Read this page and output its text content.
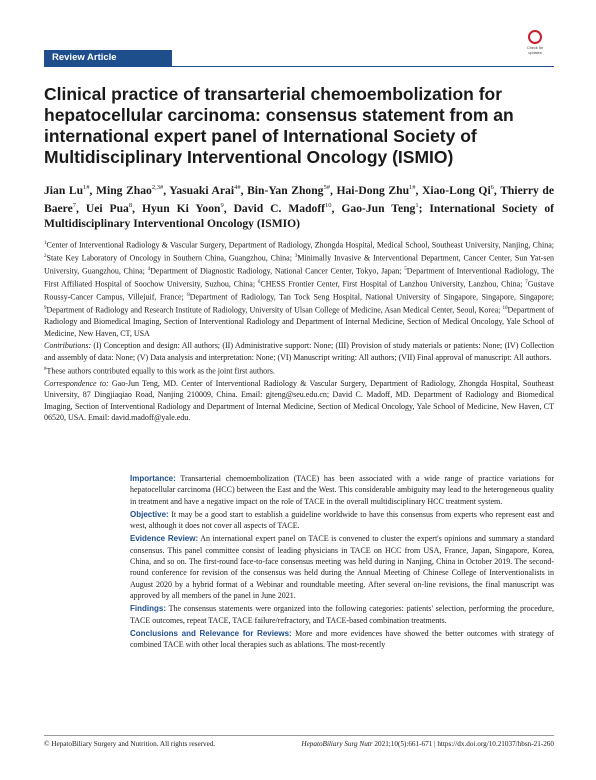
Review Article
Check for updates
Clinical practice of transarterial chemoembolization for hepatocellular carcinoma: consensus statement from an international expert panel of International Society of Multidisciplinary Interventional Oncology (ISMIO)
Jian $Lu^{1\#}$, Ming Zhao$^{2,3\#}$, Yasuaki Arai$^{4\#}$, Bin-Yan Zhong$^{5\#}$, Hai-Dong Zhu$^{1\#}$, Xiao-Long Qi$^6$, Thierry de Baere$^7$, Uei Pua$^8$, Hyun Ki Yoon$^9$, David C. Madoff$^{10}$, Gao-Jun Teng$^1$; International Society of Multidisciplinary Interventional Oncology (ISMIO)

$^1$Center of Interventional Radiology & Vascular Surgery, Department of Radiology, Zhongda Hospital, Medical School, Southeast University, Nanjing, China; $^2$State Key Laboratory of Oncology in Southern China, Guangzhou, China; $^3$Minimally Invasive & Interventional Department, Cancer Center, Sun Yat-sen University, Guangzhou, China; $^4$Department of Diagnostic Radiology, National Cancer Center, Tokyo, Japan; $^5$Department of Interventional Radiology, The First Affiliated Hospital of Soochow University, Suzhou, China; $^6$CHESS Frontier Center, First Hospital of Lanzhou University, Lanzhou, China; $^7$Gustave Roussy-Cancer Campus, Villejuif, France; $^8$Department of Radiology, Tan Tock Seng Hospital, National University of Singapore, Singapore, Singapore; $^9$Department of Radiology and Research Institute of Radiology, University of Ulsan College of Medicine, Asan Medical Center, Seoul, Korea; $^{10}$Department of Radiology and Biomedical Imaging, Section of Interventional Radiology and Department of Internal Medicine, Section of Medical Oncology, Yale School of Medicine, New Haven, CT, USA

Contributions: (I) Conception and design: All authors; (II) Administrative support: None; (III) Provision of study materials or patients: None; (IV) Collection and assembly of data: None; (V) Data analysis and interpretation: None; (VI) Manuscript writing: All authors; (VII) Final approval of manuscript: All authors.

#These authors contributed equally to this work as the joint first authors.

Correspondence to: Gao-Jun Teng, MD. Center of Interventional Radiology & Vascular Surgery, Department of Radiology, Zhongda Hospital, Southeast University, 87 Dingjiaqiao Road, Nanjing 210009, China. Email: gjteng@seu.edu.cn; David C. Madoff, MD. Department of Radiology and Biomedical Imaging, Section of Interventional Radiology and Department of Internal Medicine, Section of Medical Oncology, Yale School of Medicine, New Haven, CT 06520, USA. Email: david.madoff@yale.edu.

Importance: Transarterial chemoembolization (TACE) has been associated with a wide range of practice variations for hepatocellular carcinoma (HCC) between the East and the West. This considerable ambiguity may lead to the heterogeneous quality in treatment and have a negative impact on the role of TACE in the overall multidisciplinary HCC treatment system.

Objective: It may be a good start to establish a guideline worldwide to have this consensus from experts who represent east and west, although it does not cover all aspects of TACE.

Evidence Review: An international expert panel on TACE is convened to cluster the expert's opinions and summary a standard consensus. This panel committee consist of leading physicians in TACE on HCC from USA, France, Japan, Singapore, Korea, China, and so on. The first-round face-to-face consensus meeting was held during in Nanjing, China in October 2019. The second-round conference for revision of the consensus was held during the Annual Meeting of Chinese College of Interventionalists in August 2020 by a hybrid format of a Webinar and roundtable meeting. After several on-line revisions, the final manuscript was approved by all members of the panel in June 2021.

Findings: The consensus statements were organized into the following categories: patients' selection, performing the procedure, TACE outcomes, repeat TACE, TACE failure/refractory, and TACE-based combination treatments.

Conclusions and Relevance for Reviews: More and more evidences have showed the better outcomes with strategy of combined TACE with other local therapies such as ablations. The most-recently

© HepatoBiliary Surgery and Nutrition. All rights reserved.	HepatoBiliary Surg Nutr 2021;10(5):661-671 | https://dx.doi.org/10.21037/hbsn-21-260
